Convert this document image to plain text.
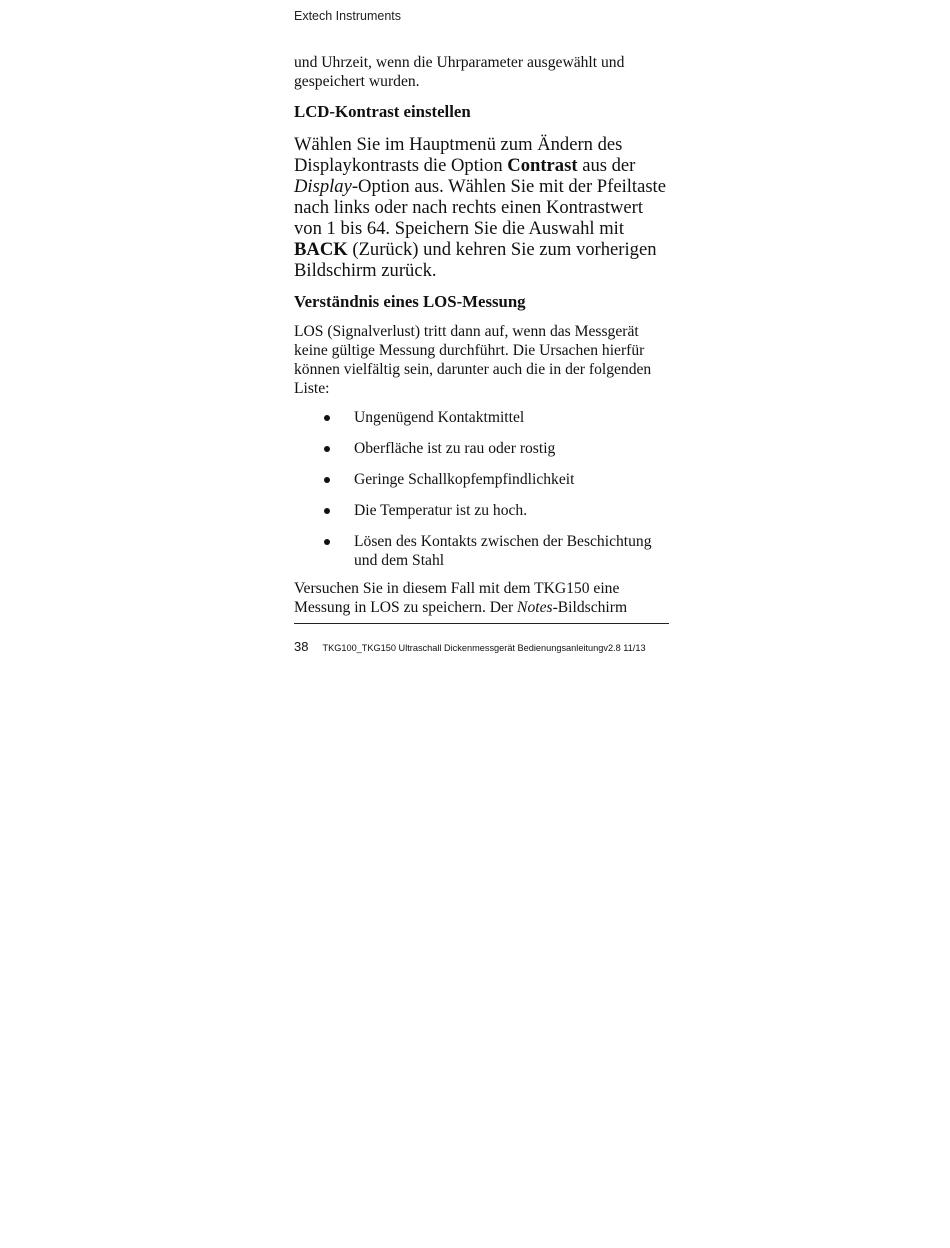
Extech Instruments

und Uhrzeit, wenn die Uhrparameter ausgewählt und gespeichert wurden.

LCD-Kontrast einstellen

Wählen Sie im Hauptmenü zum Ändern des Displaykontrasts die Option Contrast aus der Display-Option aus. Wählen Sie mit der Pfeiltaste nach links oder nach rechts einen Kontrastwert von 1 bis 64. Speichern Sie die Auswahl mit BACK (Zurück) und kehren Sie zum vorherigen Bildschirm zurück.

Verständnis eines LOS-Messung

LOS (Signalverlust) tritt dann auf, wenn das Messgerät keine gültige Messung durchführt. Die Ursachen hierfür können vielfältig sein, darunter auch die in der folgenden Liste:

Ungenügend Kontaktmittel
Oberfläche ist zu rau oder rostig
Geringe Schallkopfempfindlichkeit
Die Temperatur ist zu hoch.
Lösen des Kontakts zwischen der Beschichtung und dem Stahl

Versuchen Sie in diesem Fall mit dem TKG150 eine Messung in LOS zu speichern. Der Notes-Bildschirm

38 TKG100_TKG150 Ultraschall Dickenmessgerät Bedienungsanleitungv2.8 11/13
